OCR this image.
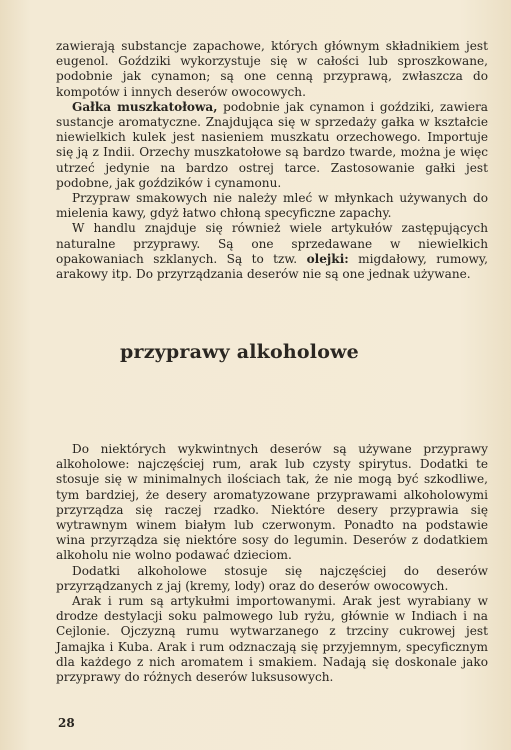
zawierają substancje zapachowe, których głównym składnikiem jest eugenol. Goździki wykorzystuje się w całości lub sproszkowane, podobnie jak cynamon; są one cenną przyprawą, zwłaszcza do kompotów i innych deserów owocowych.

Gałka muszkatołowa, podobnie jak cynamon i goździki, zawiera sustancje aromatyczne. Znajdująca się w sprzedaży gałka w kształcie niewielkich kulek jest nasieniem muszkatu orzechowego. Importuje się ją z Indii. Orzechy muszkatołowe są bardzo twarde, można je więc utrzeć jedynie na bardzo ostrej tarce. Zastosowanie gałki jest podobne, jak goździków i cynamonu.

Przypraw smakowych nie należy mleć w młynkach używanych do mielenia kawy, gdyż łatwo chłoną specyficzne zapachy.

W handlu znajduje się również wiele artykułów zastępujących naturalne przyprawy. Są one sprzedawane w niewielkich opakowaniach szklanych. Są to tzw. olejki: migdałowy, rumowy, arakowy itp. Do przyrządzania deserów nie są one jednak używane.

przyprawy alkoholowe

Do niektórych wykwintnych deserów są używane przyprawy alkoholowe: najczęściej rum, arak lub czysty spirytus. Dodatki te stosuje się w minimalnych ilościach tak, że nie mogą być szkodliwe, tym bardziej, że desery aromatyzowane przyprawami alkoholowymi przyrządza się raczej rzadko. Niektóre desery przyprawia się wytrawnym winem białym lub czerwonym. Ponadto na podstawie wina przyrządza się niektóre sosy do legumin. Deserów z dodatkiem alkoholu nie wolno podawać dzieciom.

Dodatki alkoholowe stosuje się najczęściej do deserów przyrządzanych z jaj (kremy, lody) oraz do deserów owocowych.

Arak i rum są artykułmi importowanymi. Arak jest wyrabiany w drodze destylacji soku palmowego lub ryżu, głównie w Indiach i na Cejlonie. Ojczyzną rumu wytwarzanego z trzciny cukrowej jest Jamajka i Kuba. Arak i rum odznaczają się przyjemnym, specyficznym dla każdego z nich aromatem i smakiem. Nadają się doskonale jako przyprawy do różnych deserów luksusowych.

28
